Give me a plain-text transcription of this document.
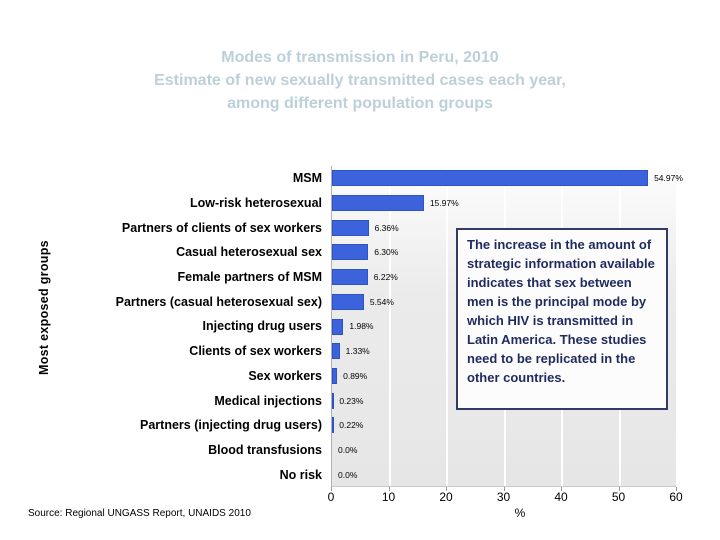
Modes of transmission in Peru, 2010
Estimate of new sexually transmitted cases each year,
among different population groups
Most exposed groups
MSM	54.97%
Low-risk heterosexual	15.97%
Partners of clients of sex workers	6.36%
Casual heterosexual sex	6.30%
Female partners of MSM	6.22%
Partners (casual heterosexual sex)	5.54%
Injecting drug users	1.98%
Clients of sex workers	1.33%
Sex workers 0.89%
Medical injections 0.23%
Partners (injecting drug users) 0.22%
Blood transfusions 0.0%
No risk 0.0%
0	10	20	30	40	50	60
%
The increase in the amount of strategic information available indicates that sex between men is the principal mode by which HIV is transmitted in Latin America. These studies need to be replicated in the other countries.
Source: Regional UNGASS Report, UNAIDS 2010
